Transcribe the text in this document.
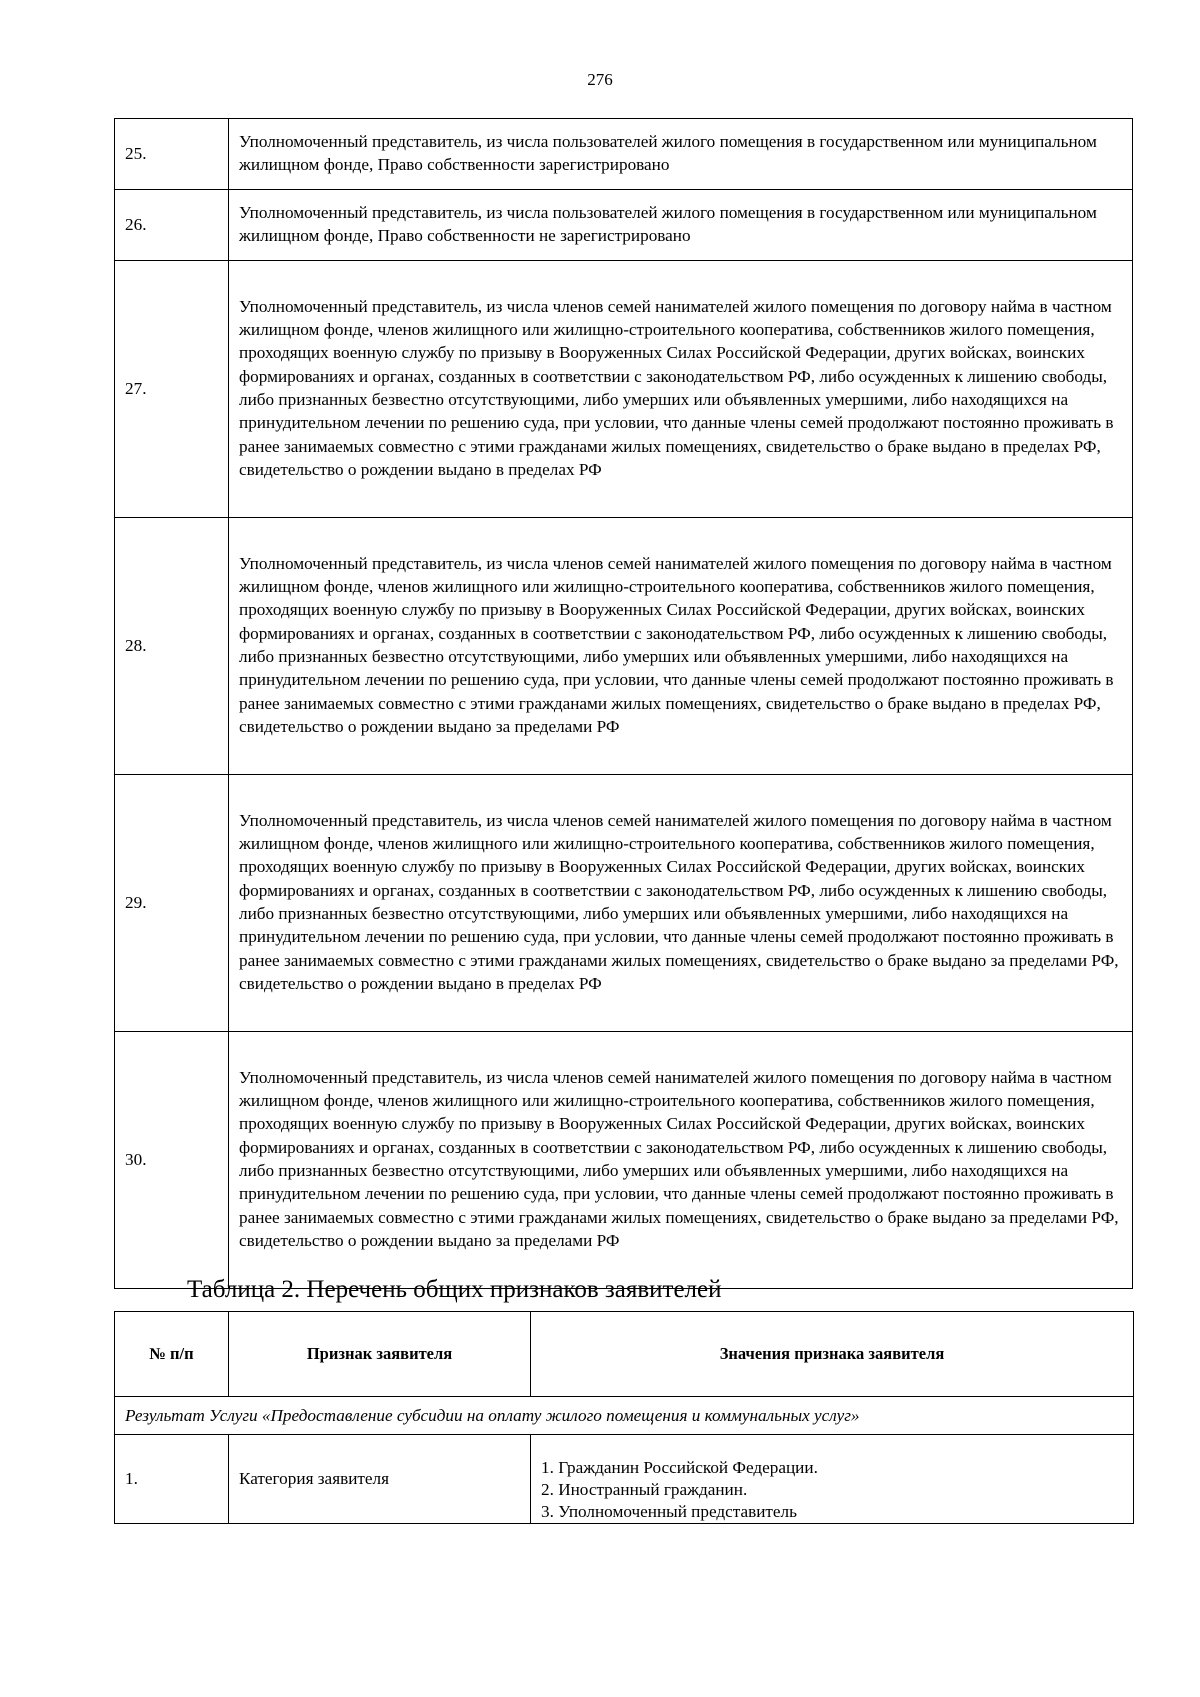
276
25.	Уполномоченный представитель, из числа пользователей жилого помещения в государственном или муниципальном жилищном фонде, Право собственности зарегистрировано
26.	Уполномоченный представитель, из числа пользователей жилого помещения в государственном или муниципальном жилищном фонде, Право собственности не зарегистрировано
27.	Уполномоченный представитель, из числа членов семей нанимателей жилого помещения по договору найма в частном жилищном фонде, членов жилищного или жилищно-строительного кооператива, собственников жилого помещения, проходящих военную службу по призыву в Вооруженных Силах Российской Федерации, других войсках, воинских формированиях и органах, созданных в соответствии с законодательством РФ, либо осужденных к лишению свободы, либо признанных безвестно отсутствующими, либо умерших или объявленных умершими, либо находящихся на принудительном лечении по решению суда, при условии, что данные члены семей продолжают постоянно проживать в ранее занимаемых совместно с этими гражданами жилых помещениях, свидетельство о браке выдано в пределах РФ, свидетельство о рождении выдано в пределах РФ
28.	Уполномоченный представитель, из числа членов семей нанимателей жилого помещения по договору найма в частном жилищном фонде, членов жилищного или жилищно-строительного кооператива, собственников жилого помещения, проходящих военную службу по призыву в Вооруженных Силах Российской Федерации, других войсках, воинских формированиях и органах, созданных в соответствии с законодательством РФ, либо осужденных к лишению свободы, либо признанных безвестно отсутствующими, либо умерших или объявленных умершими, либо находящихся на принудительном лечении по решению суда, при условии, что данные члены семей продолжают постоянно проживать в ранее занимаемых совместно с этими гражданами жилых помещениях, свидетельство о браке выдано в пределах РФ, свидетельство о рождении выдано за пределами РФ
29.	Уполномоченный представитель, из числа членов семей нанимателей жилого помещения по договору найма в частном жилищном фонде, членов жилищного или жилищно-строительного кооператива, собственников жилого помещения, проходящих военную службу по призыву в Вооруженных Силах Российской Федерации, других войсках, воинских формированиях и органах, созданных в соответствии с законодательством РФ, либо осужденных к лишению свободы, либо признанных безвестно отсутствующими, либо умерших или объявленных умершими, либо находящихся на принудительном лечении по решению суда, при условии, что данные члены семей продолжают постоянно проживать в ранее занимаемых совместно с этими гражданами жилых помещениях, свидетельство о браке выдано за пределами РФ, свидетельство о рождении выдано в пределах РФ
30.	Уполномоченный представитель, из числа членов семей нанимателей жилого помещения по договору найма в частном жилищном фонде, членов жилищного или жилищно-строительного кооператива, собственников жилого помещения, проходящих военную службу по призыву в Вооруженных Силах Российской Федерации, других войсках, воинских формированиях и органах, созданных в соответствии с законодательством РФ, либо осужденных к лишению свободы, либо признанных безвестно отсутствующими, либо умерших или объявленных умершими, либо находящихся на принудительном лечении по решению суда, при условии, что данные члены семей продолжают постоянно проживать в ранее занимаемых совместно с этими гражданами жилых помещениях, свидетельство о браке выдано за пределами РФ, свидетельство о рождении выдано за пределами РФ
Таблица 2. Перечень общих признаков заявителей
№ п/п	Признак заявителя	Значения признака заявителя
Результат Услуги «Предоставление субсидии на оплату жилого помещения и коммунальных услуг»		
1.	Категория заявителя	1. Гражданин Российской Федерации.
2. Иностранный гражданин.
3. Уполномоченный представитель
